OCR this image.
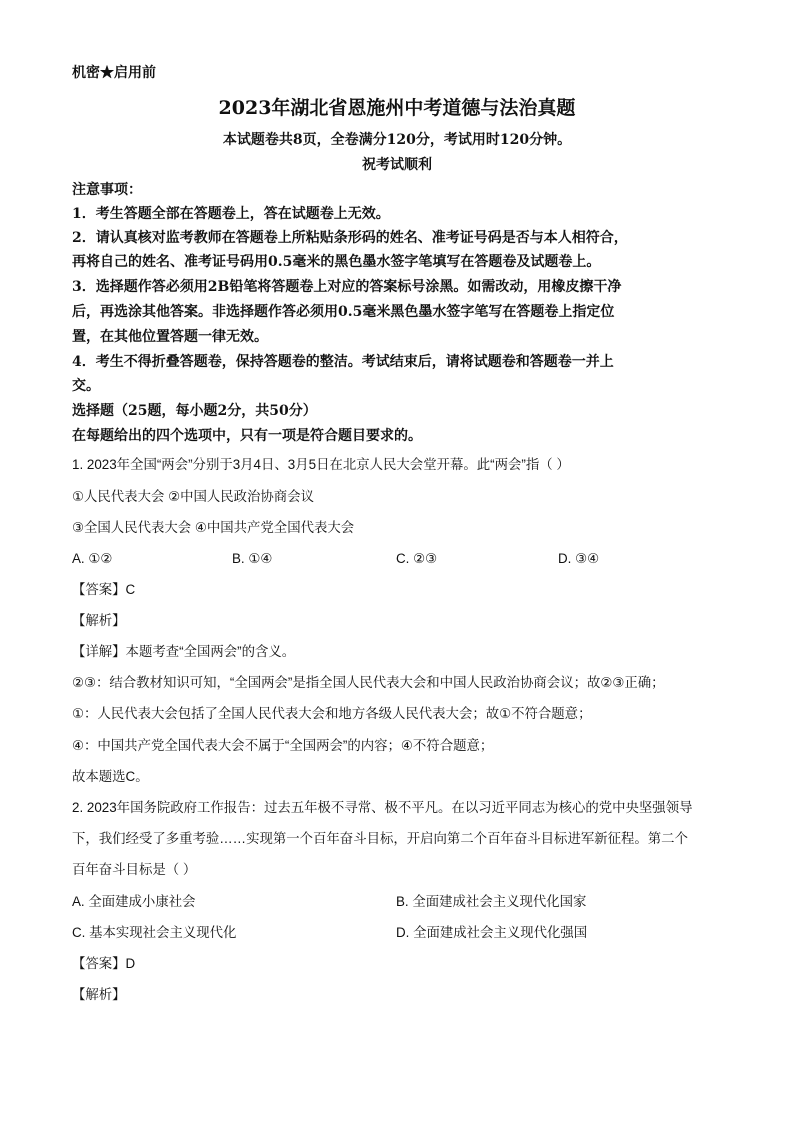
机密★启用前
2023年湖北省恩施州中考道德与法治真题
本试题卷共8页，全卷满分120分，考试用时120分钟。
祝考试顺利
注意事项：
1．考生答题全部在答题卷上，答在试题卷上无效。
2．请认真核对监考教师在答题卷上所粘贴条形码的姓名、准考证号码是否与本人相符合，
再将自己的姓名、准考证号码用0.5毫米的黑色墨水签字笔填写在答题卷及试题卷上。
3．选择题作答必须用2B铅笔将答题卷上对应的答案标号涂黑。如需改动，用橡皮擦干净
后，再选涂其他答案。非选择题作答必须用0.5毫米黑色墨水签字笔写在答题卷上指定位
置，在其他位置答题一律无效。
4．考生不得折叠答题卷，保持答题卷的整洁。考试结束后，请将试题卷和答题卷一并上
交。
选择题（25题，每小题2分，共50分）
在每题给出的四个选项中，只有一项是符合题目要求的。
1. 2023年全国“两会”分别于3月4日、3月5日在北京人民大会堂开幕。此“两会”指（ ）
①人民代表大会 ②中国人民政治协商会议
③全国人民代表大会 ④中国共产党全国代表大会
A. ①②	B. ①④	C. ②③	D. ③④
【答案】C
【解析】
【详解】本题考查“全国两会”的含义。
②③：结合教材知识可知，“全国两会”是指全国人民代表大会和中国人民政治协商会议；故②③正确；
①：人民代表大会包括了全国人民代表大会和地方各级人民代表大会；故①不符合题意；
④：中国共产党全国代表大会不属于“全国两会”的内容；④不符合题意；
故本题选C。
2. 2023年国务院政府工作报告：过去五年极不寻常、极不平凡。在以习近平同志为核心的党中央坚强领导
下，我们经受了多重考验……实现第一个百年奋斗目标，开启向第二个百年奋斗目标进军新征程。第二个
百年奋斗目标是（ ）
A. 全面建成小康社会	B. 全面建成社会主义现代化国家
C. 基本实现社会主义现代化	D. 全面建成社会主义现代化强国
【答案】D
【解析】
